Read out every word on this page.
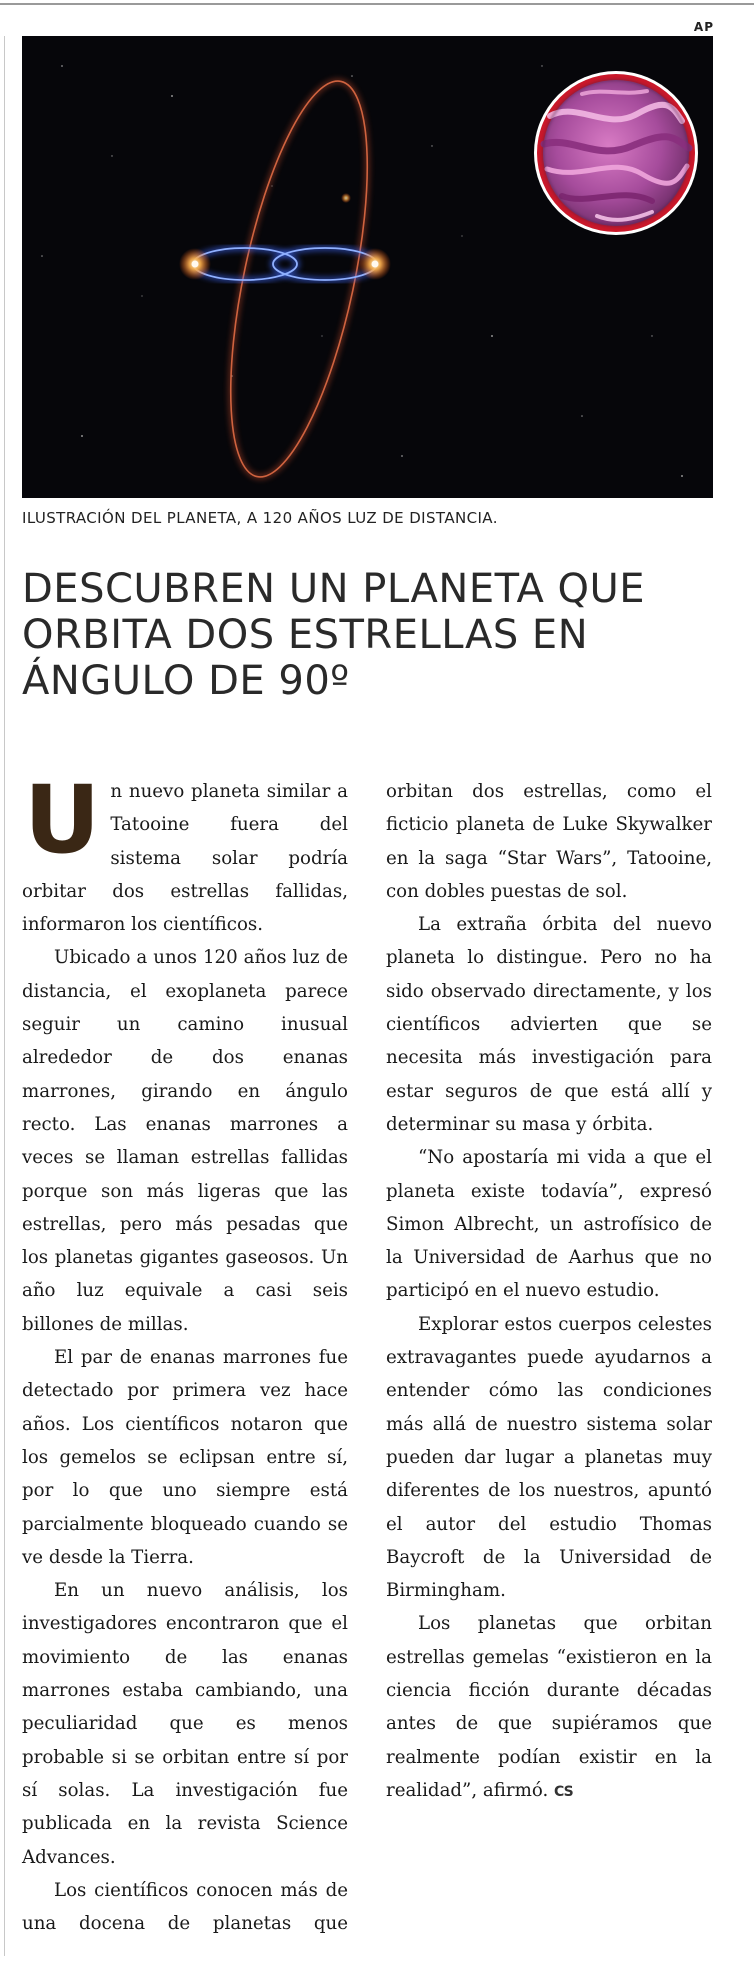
AP
ILUSTRACIÓN DEL PLANETA, A 120 AÑOS LUZ DE DISTANCIA.
DESCUBREN UN PLANETA QUE ORBITA DOS ESTRELLAS EN ÁNGULO DE 90º

Un nuevo planeta similar a Tatooine fuera del sistema solar podría orbitar dos estrellas fallidas, informaron los científicos.

Ubicado a unos 120 años luz de distancia, el exoplaneta parece seguir un camino inusual alrededor de dos enanas marrones, girando en ángulo recto. Las enanas marrones a veces se llaman estrellas fallidas porque son más ligeras que las estrellas, pero más pesadas que los planetas gigantes gaseosos. Un año luz equivale a casi seis billones de millas.

El par de enanas marrones fue detectado por primera vez hace años. Los científicos notaron que los gemelos se eclipsan entre sí, por lo que uno siempre está parcialmente bloqueado cuando se ve desde la Tierra.

En un nuevo análisis, los investigadores encontraron que el movimiento de las enanas marrones estaba cambiando, una peculiaridad que es menos probable si se orbitan entre sí por sí solas. La investigación fue publicada en la revista Science Advances.

Los científicos conocen más de una docena de planetas que orbitan dos estrellas, como el ficticio planeta de Luke Skywalker en la saga “Star Wars”, Tatooine, con dobles puestas de sol.

La extraña órbita del nuevo planeta lo distingue. Pero no ha sido observado directamente, y los científicos advierten que se necesita más investigación para estar seguros de que está allí y determinar su masa y órbita.

“No apostaría mi vida a que el planeta existe todavía”, expresó Simon Albrecht, un astrofísico de la Universidad de Aarhus que no participó en el nuevo estudio.

Explorar estos cuerpos celestes extravagantes puede ayudarnos a entender cómo las condiciones más allá de nuestro sistema solar pueden dar lugar a planetas muy diferentes de los nuestros, apuntó el autor del estudio Thomas Baycroft de la Universidad de Birmingham.

Los planetas que orbitan estrellas gemelas “existieron en la ciencia ficción durante décadas antes de que supiéramos que realmente podían existir en la realidad”, afirmó. CS
